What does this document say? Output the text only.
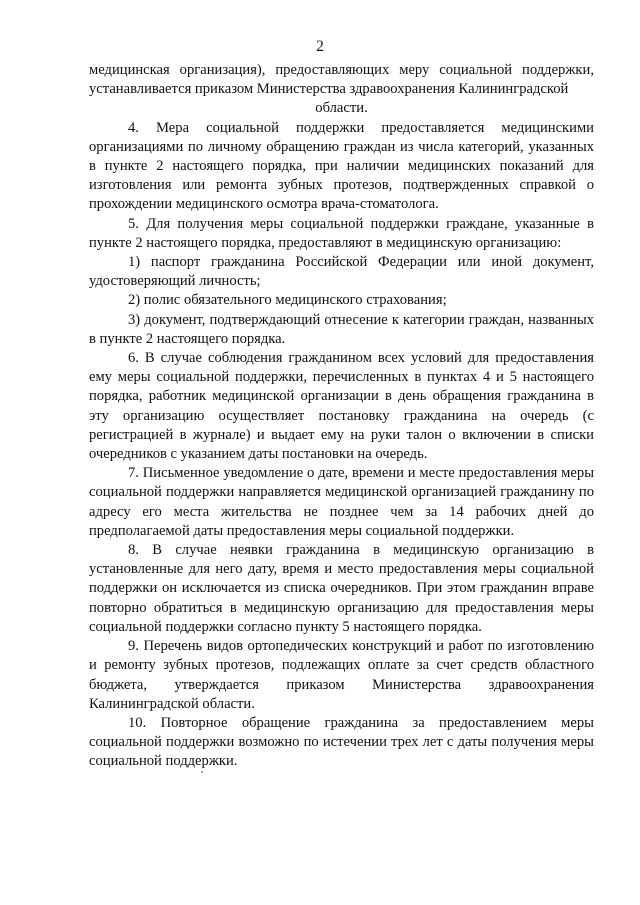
2

медицинская организация), предоставляющих меру социальной поддержки, устанавливается приказом Министерства здравоохранения Калининградской

области.

4. Мера социальной поддержки предоставляется медицинскими организациями по личному обращению граждан из числа категорий, указанных в пункте 2 настоящего порядка, при наличии медицинских показаний для изготовления или ремонта зубных протезов, подтвержденных справкой о прохождении медицинского осмотра врача-стоматолога.

5. Для получения меры социальной поддержки граждане, указанные в пункте 2 настоящего порядка, предоставляют в медицинскую организацию:

1) паспорт гражданина Российской Федерации или иной документ, удостоверяющий личность;

2) полис обязательного медицинского страхования;

3) документ, подтверждающий отнесение к категории граждан, названных в пункте 2 настоящего порядка.

6. В случае соблюдения гражданином всех условий для предоставления ему меры социальной поддержки, перечисленных в пунктах 4 и 5 настоящего порядка, работник медицинской организации в день обращения гражданина в эту организацию осуществляет постановку гражданина на очередь (с регистрацией в журнале) и выдает ему на руки талон о включении в списки очередников с указанием даты постановки на очередь.

7. Письменное уведомление о дате, времени и месте предоставления меры социальной поддержки направляется медицинской организацией гражданину по адресу его места жительства не позднее чем за 14 рабочих дней до предполагаемой даты предоставления меры социальной поддержки.

8. В случае неявки гражданина в медицинскую организацию в установленные для него дату, время и место предоставления меры социальной поддержки он исключается из списка очередников. При этом гражданин вправе повторно обратиться в медицинскую организацию для предоставления меры социальной поддержки согласно пункту 5 настоящего порядка.

9. Перечень видов ортопедических конструкций и работ по изготовлению и ремонту зубных протезов, подлежащих оплате за счет средств областного бюджета, утверждается приказом Министерства здравоохранения Калининградской области.

10. Повторное обращение гражданина за предоставлением меры социальной поддержки возможно по истечении трех лет с даты получения меры социальной поддержки.
